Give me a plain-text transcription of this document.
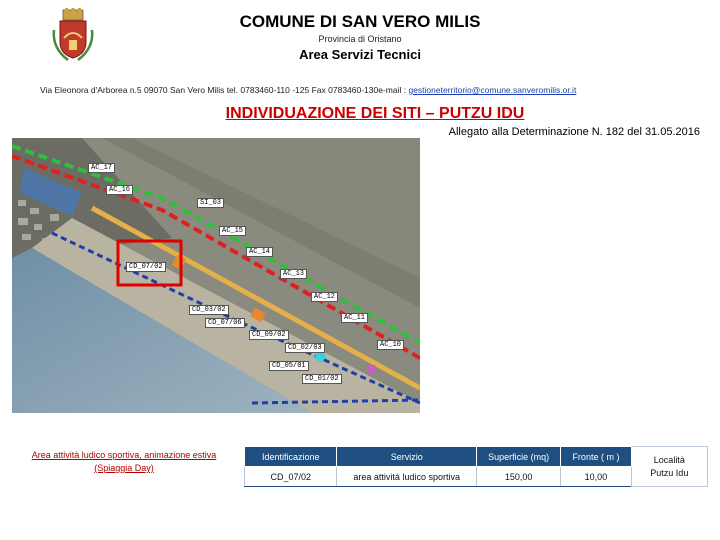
COMUNE DI SAN VERO MILIS
Provincia di Oristano
Area Servizi Tecnici
Via Eleonora d'Arborea n.5 09070 San Vero Milis tel. 0783460-110 -125 Fax 0783460-130e-mail : gestioneterritorio@comune.sanveromilis.or.it
INDIVIDUAZIONE DEI SITI – PUTZU IDU
Allegato alla Determinazione N. 182 del 31.05.2016
AC_17
AC_16
SI_03
AC_15
AC_14
CD_07/02
AC_13
AC_12
CD_03/02
CD_07/06
AC_11
CD_09/02
AC_10
CD_02/03
CD_05/01
CD_01/02
Area attività ludico sportiva, animazione estiva (Spiaggia Day)
Identificazione	Servizio	Superficie (mq)	Fronte ( m )	Località
Putzu Idu
CD_07/02	area attività ludico sportiva	150,00	10,00	
